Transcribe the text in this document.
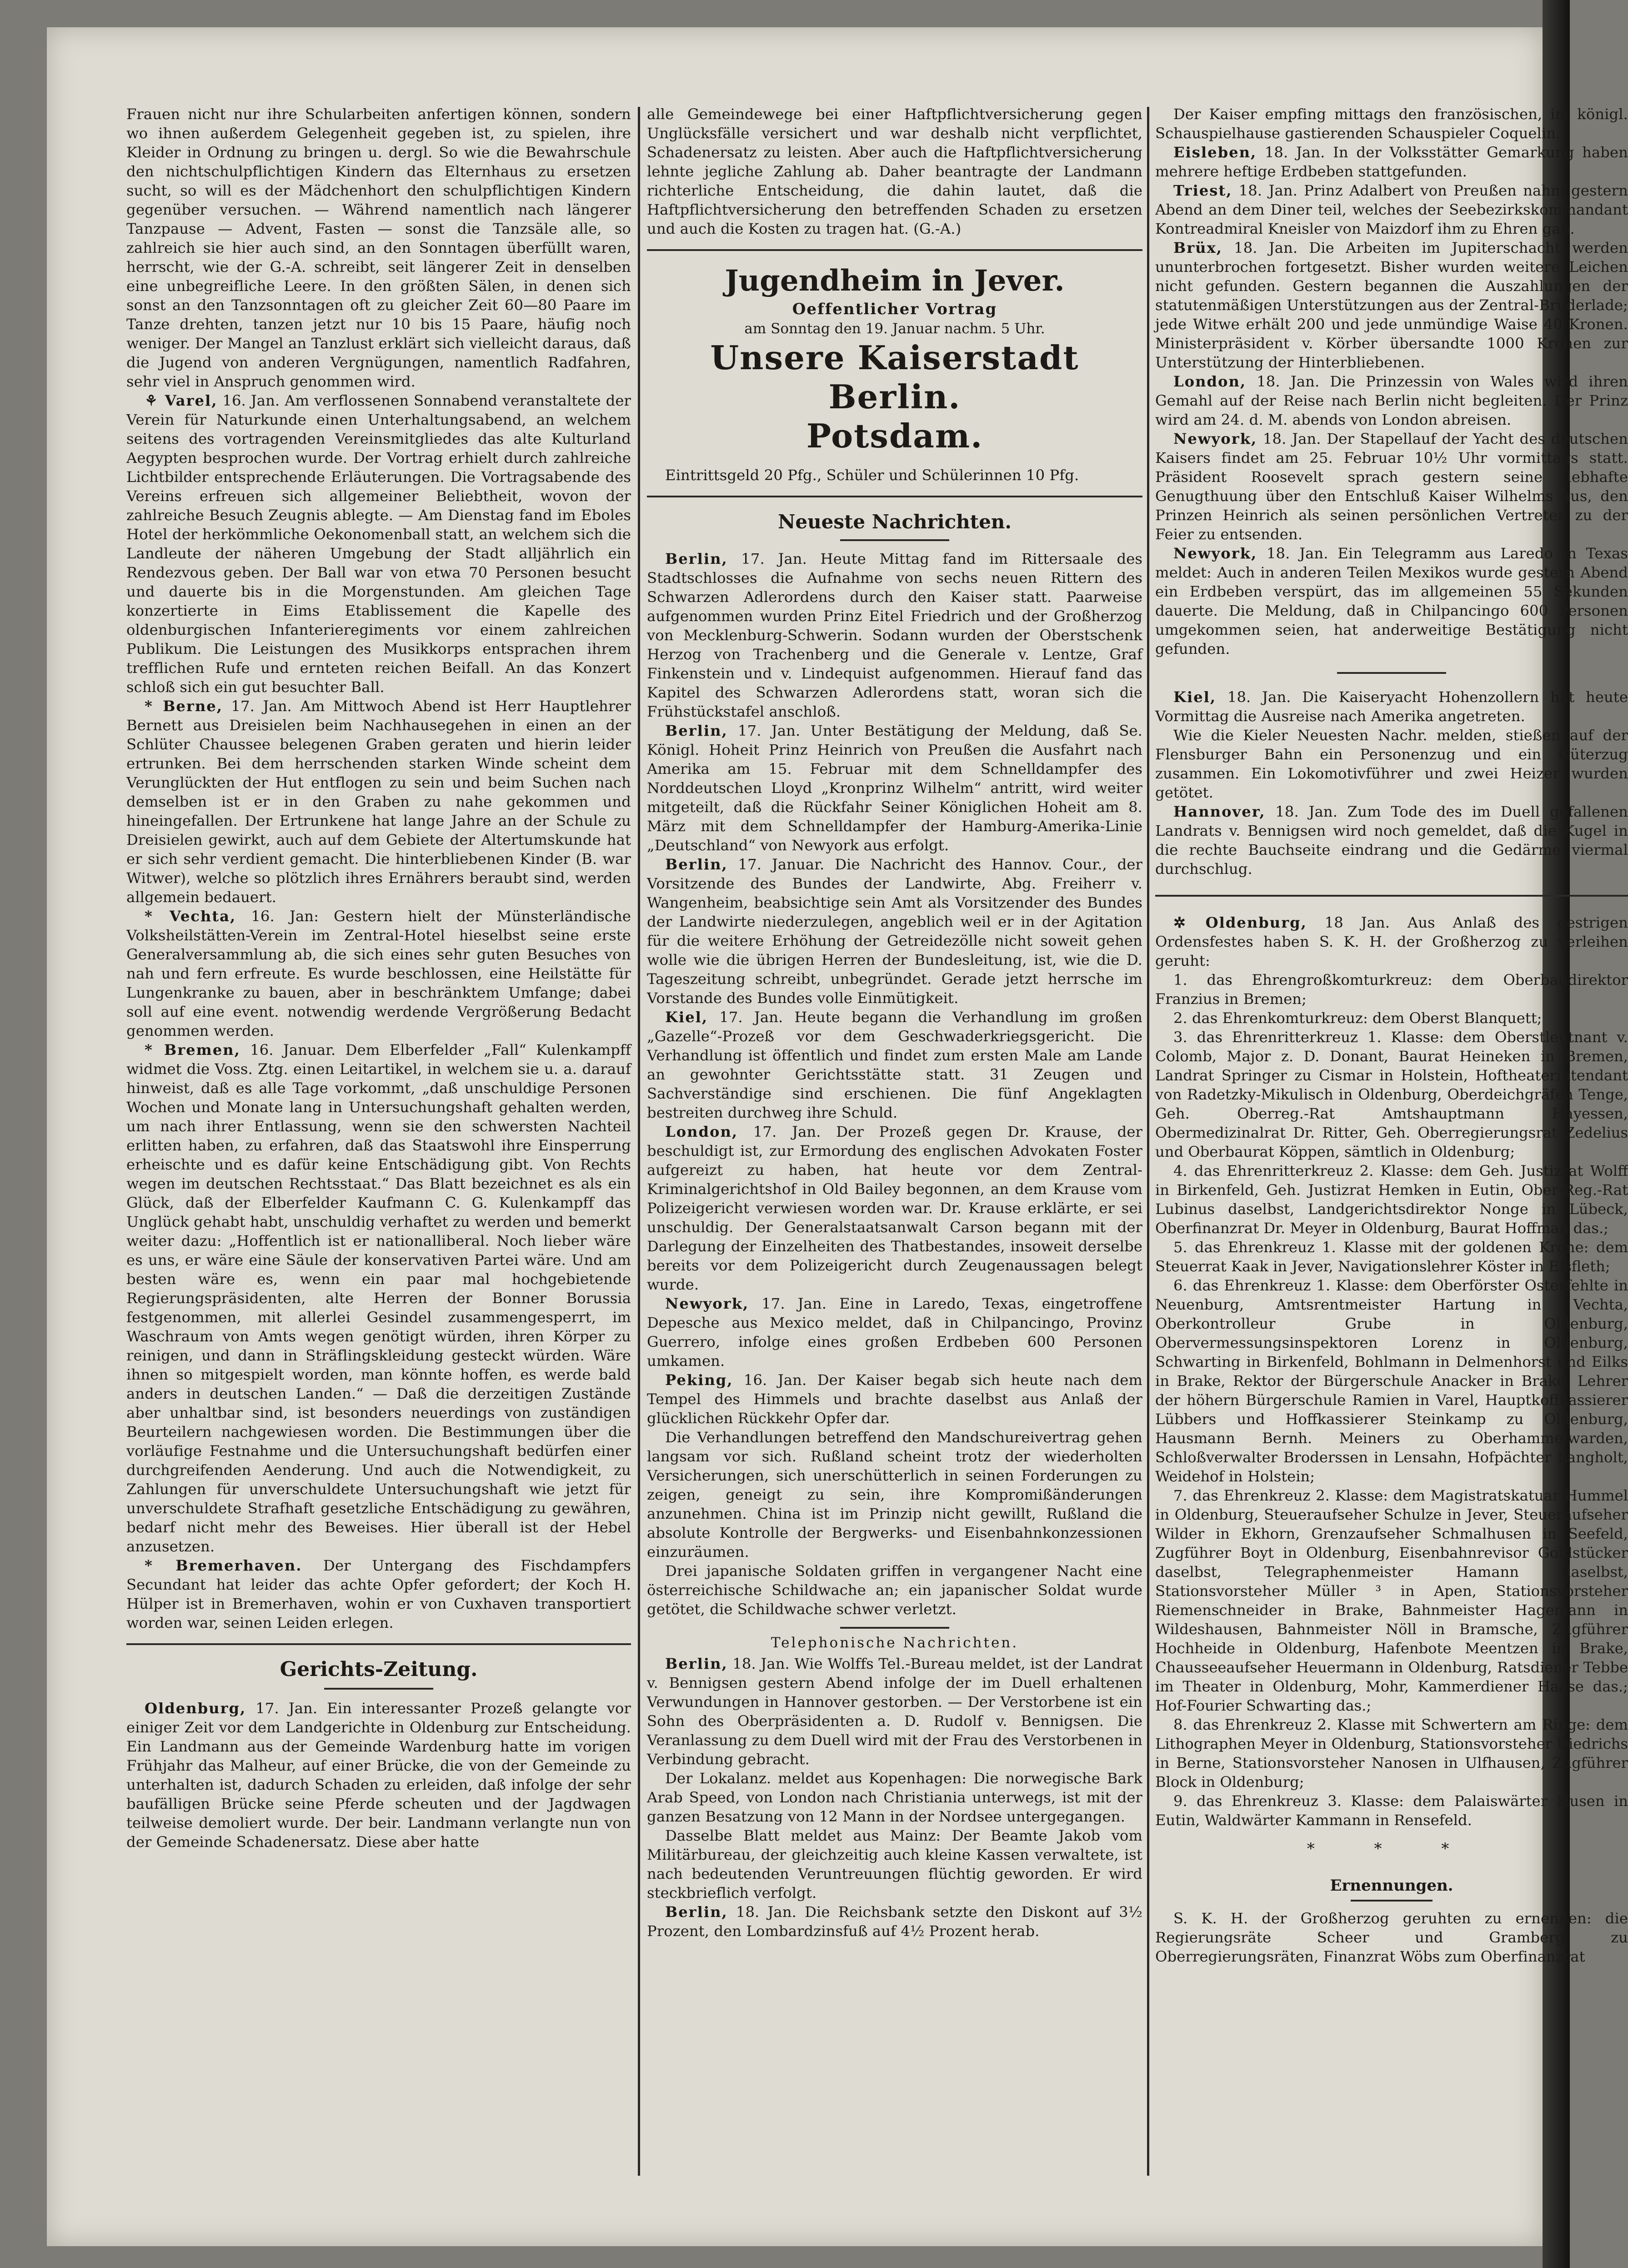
Frauen nicht nur ihre Schularbeiten anfertigen können, sondern wo ihnen außerdem Gelegenheit gegeben ist, zu spielen, ihre Kleider in Ordnung zu bringen u. dergl. So wie die Bewahrschule den nichtschulpflichtigen Kindern das Elternhaus zu ersetzen sucht, so will es der Mädchenhort den schulpflichtigen Kindern gegenüber versuchen. — Während namentlich nach längerer Tanzpause — Advent, Fasten — sonst die Tanzsäle alle, so zahlreich sie hier auch sind, an den Sonntagen überfüllt waren, herrscht, wie der G.-A. schreibt, seit längerer Zeit in denselben eine unbegreifliche Leere. In den größten Sälen, in denen sich sonst an den Tanzsonntagen oft zu gleicher Zeit 60—80 Paare im Tanze drehten, tanzen jetzt nur 10 bis 15 Paare, häufig noch weniger. Der Mangel an Tanzlust erklärt sich vielleicht daraus, daß die Jugend von anderen Vergnügungen, namentlich Radfahren, sehr viel in Anspruch genommen wird.

⚘ Varel, 16. Jan. Am verflossenen Sonnabend veranstaltete der Verein für Naturkunde einen Unterhaltungsabend, an welchem seitens des vortragenden Vereinsmitgliedes das alte Kulturland Aegypten besprochen wurde. Der Vortrag erhielt durch zahlreiche Lichtbilder entsprechende Erläuterungen. Die Vortragsabende des Vereins erfreuen sich allgemeiner Beliebtheit, wovon der zahlreiche Besuch Zeugnis ablegte. — Am Dienstag fand im Eboles Hotel der herkömmliche Oekonomenball statt, an welchem sich die Landleute der näheren Umgebung der Stadt alljährlich ein Rendezvous geben. Der Ball war von etwa 70 Personen besucht und dauerte bis in die Morgenstunden. Am gleichen Tage konzertierte in Eims Etablissement die Kapelle des oldenburgischen Infanterieregiments vor einem zahlreichen Publikum. Die Leistungen des Musikkorps entsprachen ihrem trefflichen Rufe und ernteten reichen Beifall. An das Konzert schloß sich ein gut besuchter Ball.

* Berne, 17. Jan. Am Mittwoch Abend ist Herr Hauptlehrer Bernett aus Dreisielen beim Nachhausegehen in einen an der Schlüter Chaussee belegenen Graben geraten und hierin leider ertrunken. Bei dem herrschenden starken Winde scheint dem Verunglückten der Hut entflogen zu sein und beim Suchen nach demselben ist er in den Graben zu nahe gekommen und hineingefallen. Der Ertrunkene hat lange Jahre an der Schule zu Dreisielen gewirkt, auch auf dem Gebiete der Altertumskunde hat er sich sehr verdient gemacht. Die hinterbliebenen Kinder (B. war Witwer), welche so plötzlich ihres Ernährers beraubt sind, werden allgemein bedauert.

* Vechta, 16. Jan: Gestern hielt der Münsterländische Volksheilstätten-Verein im Zentral-Hotel hieselbst seine erste Generalversammlung ab, die sich eines sehr guten Besuches von nah und fern erfreute. Es wurde beschlossen, eine Heilstätte für Lungenkranke zu bauen, aber in beschränktem Umfange; dabei soll auf eine event. notwendig werdende Vergrößerung Bedacht genommen werden.

* Bremen, 16. Januar. Dem Elberfelder „Fall“ Kulenkampff widmet die Voss. Ztg. einen Leitartikel, in welchem sie u. a. darauf hinweist, daß es alle Tage vorkommt, „daß unschuldige Personen Wochen und Monate lang in Untersuchungshaft gehalten werden, um nach ihrer Entlassung, wenn sie den schwersten Nachteil erlitten haben, zu erfahren, daß das Staatswohl ihre Einsperrung erheischte und es dafür keine Entschädigung gibt. Von Rechts wegen im deutschen Rechtsstaat.“ Das Blatt bezeichnet es als ein Glück, daß der Elberfelder Kaufmann C. G. Kulenkampff das Unglück gehabt habt, unschuldig verhaftet zu werden und bemerkt weiter dazu: „Hoffentlich ist er nationalliberal. Noch lieber wäre es uns, er wäre eine Säule der konservativen Partei wäre. Und am besten wäre es, wenn ein paar mal hochgebietende Regierungspräsidenten, alte Herren der Bonner Borussia festgenommen, mit allerlei Gesindel zusammengesperrt, im Waschraum von Amts wegen genötigt würden, ihren Körper zu reinigen, und dann in Sträflingskleidung gesteckt würden. Wäre ihnen so mitgespielt worden, man könnte hoffen, es werde bald anders in deutschen Landen.“ — Daß die derzeitigen Zustände aber unhaltbar sind, ist besonders neuerdings von zuständigen Beurteilern nachgewiesen worden. Die Bestimmungen über die vorläufige Festnahme und die Untersuchungshaft bedürfen einer durchgreifenden Aenderung. Und auch die Notwendigkeit, zu Zahlungen für unverschuldete Untersuchungshaft wie jetzt für unverschuldete Strafhaft gesetzliche Entschädigung zu gewähren, bedarf nicht mehr des Beweises. Hier überall ist der Hebel anzusetzen.

* Bremerhaven. Der Untergang des Fischdampfers Secundant hat leider das achte Opfer gefordert; der Koch H. Hülper ist in Bremerhaven, wohin er von Cuxhaven transportiert worden war, seinen Leiden erlegen.

Gerichts-Zeitung.

Oldenburg, 17. Jan. Ein interessanter Prozeß gelangte vor einiger Zeit vor dem Landgerichte in Oldenburg zur Entscheidung. Ein Landmann aus der Gemeinde Wardenburg hatte im vorigen Frühjahr das Malheur, auf einer Brücke, die von der Gemeinde zu unterhalten ist, dadurch Schaden zu erleiden, daß infolge der sehr baufälligen Brücke seine Pferde scheuten und der Jagdwagen teilweise demoliert wurde. Der beir. Landmann verlangte nun von der Gemeinde Schadenersatz. Diese aber hatte

alle Gemeindewege bei einer Haftpflichtversicherung gegen Unglücksfälle versichert und war deshalb nicht verpflichtet, Schadenersatz zu leisten. Aber auch die Haftpflichtversicherung lehnte jegliche Zahlung ab. Daher beantragte der Landmann richterliche Entscheidung, die dahin lautet, daß die Haftpflichtversicherung den betreffenden Schaden zu ersetzen und auch die Kosten zu tragen hat. (G.-A.)

Jugendheim in Jever.

Oeffentlicher Vortrag

am Sonntag den 19. Januar nachm. 5 Uhr.

Unsere Kaiserstadt Berlin.

Potsdam.

Eintrittsgeld 20 Pfg., Schüler und Schülerinnen 10 Pfg.

Neueste Nachrichten.

Berlin, 17. Jan. Heute Mittag fand im Rittersaale des Stadtschlosses die Aufnahme von sechs neuen Rittern des Schwarzen Adlerordens durch den Kaiser statt. Paarweise aufgenommen wurden Prinz Eitel Friedrich und der Großherzog von Mecklenburg-Schwerin. Sodann wurden der Oberstschenk Herzog von Trachenberg und die Generale v. Lentze, Graf Finkenstein und v. Lindequist aufgenommen. Hierauf fand das Kapitel des Schwarzen Adlerordens statt, woran sich die Frühstückstafel anschloß.

Berlin, 17. Jan. Unter Bestätigung der Meldung, daß Se. Königl. Hoheit Prinz Heinrich von Preußen die Ausfahrt nach Amerika am 15. Februar mit dem Schnelldampfer des Norddeutschen Lloyd „Kronprinz Wilhelm“ antritt, wird weiter mitgeteilt, daß die Rückfahr Seiner Königlichen Hoheit am 8. März mit dem Schnelldampfer der Hamburg-Amerika-Linie „Deutschland“ von Newyork aus erfolgt.

Berlin, 17. Januar. Die Nachricht des Hannov. Cour., der Vorsitzende des Bundes der Landwirte, Abg. Freiherr v. Wangenheim, beabsichtige sein Amt als Vorsitzender des Bundes der Landwirte niederzulegen, angeblich weil er in der Agitation für die weitere Erhöhung der Getreidezölle nicht soweit gehen wolle wie die übrigen Herren der Bundesleitung, ist, wie die D. Tageszeitung schreibt, unbegründet. Gerade jetzt herrsche im Vorstande des Bundes volle Einmütigkeit.

Kiel, 17. Jan. Heute begann die Verhandlung im großen „Gazelle“-Prozeß vor dem Geschwaderkriegsgericht. Die Verhandlung ist öffentlich und findet zum ersten Male am Lande an gewohnter Gerichtsstätte statt. 31 Zeugen und Sachverständige sind erschienen. Die fünf Angeklagten bestreiten durchweg ihre Schuld.

London, 17. Jan. Der Prozeß gegen Dr. Krause, der beschuldigt ist, zur Ermordung des englischen Advokaten Foster aufgereizt zu haben, hat heute vor dem Zentral-Kriminalgerichtshof in Old Bailey begonnen, an dem Krause vom Polizeigericht verwiesen worden war. Dr. Krause erklärte, er sei unschuldig. Der Generalstaatsanwalt Carson begann mit der Darlegung der Einzelheiten des Thatbestandes, insoweit derselbe bereits vor dem Polizeigericht durch Zeugenaussagen belegt wurde.

Newyork, 17. Jan. Eine in Laredo, Texas, eingetroffene Depesche aus Mexico meldet, daß in Chilpancingo, Provinz Guerrero, infolge eines großen Erdbeben 600 Personen umkamen.

Peking, 16. Jan. Der Kaiser begab sich heute nach dem Tempel des Himmels und brachte daselbst aus Anlaß der glücklichen Rückkehr Opfer dar.

Die Verhandlungen betreffend den Mandschureivertrag gehen langsam vor sich. Rußland scheint trotz der wiederholten Versicherungen, sich unerschütterlich in seinen Forderungen zu zeigen, geneigt zu sein, ihre Kompromißänderungen anzunehmen. China ist im Prinzip nicht gewillt, Rußland die absolute Kontrolle der Bergwerks- und Eisenbahnkonzessionen einzuräumen.

Drei japanische Soldaten griffen in vergangener Nacht eine österreichische Schildwache an; ein japanischer Soldat wurde getötet, die Schildwache schwer verletzt.

Telephonische Nachrichten.

Berlin, 18. Jan. Wie Wolffs Tel.-Bureau meldet, ist der Landrat v. Bennigsen gestern Abend infolge der im Duell erhaltenen Verwundungen in Hannover gestorben. — Der Verstorbene ist ein Sohn des Oberpräsidenten a. D. Rudolf v. Bennigsen. Die Veranlassung zu dem Duell wird mit der Frau des Verstorbenen in Verbindung gebracht.

Der Lokalanz. meldet aus Kopenhagen: Die norwegische Bark Arab Speed, von London nach Christiania unterwegs, ist mit der ganzen Besatzung von 12 Mann in der Nordsee untergegangen.

Dasselbe Blatt meldet aus Mainz: Der Beamte Jakob vom Militärbureau, der gleichzeitig auch kleine Kassen verwaltete, ist nach bedeutenden Veruntreuungen flüchtig geworden. Er wird steckbrieflich verfolgt.

Berlin, 18. Jan. Die Reichsbank setzte den Diskont auf 3½ Prozent, den Lombardzinsfuß auf 4½ Prozent herab.

Der Kaiser empfing mittags den französischen, im königl. Schauspielhause gastierenden Schauspieler Coquelin.

Eisleben, 18. Jan. In der Volksstätter Gemarkung haben mehrere heftige Erdbeben stattgefunden.

Triest, 18. Jan. Prinz Adalbert von Preußen nahm gestern Abend an dem Diner teil, welches der Seebezirkskommandant Kontreadmiral Kneisler von Maizdorf ihm zu Ehren gab.

Brüx, 18. Jan. Die Arbeiten im Jupiterschacht werden ununterbrochen fortgesetzt. Bisher wurden weitere Leichen nicht gefunden. Gestern begannen die Auszahlungen der statutenmäßigen Unterstützungen aus der Zentral-Bruderlade; jede Witwe erhält 200 und jede unmündige Waise 40 Kronen. Ministerpräsident v. Körber übersandte 1000 Kronen zur Unterstützung der Hinterbliebenen.

London, 18. Jan. Die Prinzessin von Wales wird ihren Gemahl auf der Reise nach Berlin nicht begleiten. Der Prinz wird am 24. d. M. abends von London abreisen.

Newyork, 18. Jan. Der Stapellauf der Yacht des deutschen Kaisers findet am 25. Februar 10½ Uhr vormittags statt. Präsident Roosevelt sprach gestern seine lebhafte Genugthuung über den Entschluß Kaiser Wilhelms aus, den Prinzen Heinrich als seinen persönlichen Vertreter zu der Feier zu entsenden.

Newyork, 18. Jan. Ein Telegramm aus Laredo in Texas meldet: Auch in anderen Teilen Mexikos wurde gestern Abend ein Erdbeben verspürt, das im allgemeinen 55 Sekunden dauerte. Die Meldung, daß in Chilpancingo 600 Personen umgekommen seien, hat anderweitige Bestätigung nicht gefunden.

Kiel, 18. Jan. Die Kaiseryacht Hohenzollern hat heute Vormittag die Ausreise nach Amerika angetreten.

Wie die Kieler Neuesten Nachr. melden, stießen auf der Flensburger Bahn ein Personenzug und ein Güterzug zusammen. Ein Lokomotivführer und zwei Heizer wurden getötet.

Hannover, 18. Jan. Zum Tode des im Duell gefallenen Landrats v. Bennigsen wird noch gemeldet, daß die Kugel in die rechte Bauchseite eindrang und die Gedärme viermal durchschlug.

✲ Oldenburg, 18 Jan. Aus Anlaß des gestrigen Ordensfestes haben S. K. H. der Großherzog zu verleihen geruht:

1. das Ehrengroßkomturkreuz: dem Oberbaudirektor Franzius in Bremen;

2. das Ehrenkomturkreuz: dem Oberst Blanquett;

3. das Ehrenritterkreuz 1. Klasse: dem Oberstleutnant v. Colomb, Major z. D. Donant, Baurat Heineken in Bremen, Landrat Springer zu Cismar in Holstein, Hoftheaterintendant von Radetzky-Mikulisch in Oldenburg, Oberdeichgräfen Tenge, Geh. Oberreg.-Rat Amtshauptmann Hayessen, Obermedizinalrat Dr. Ritter, Geh. Oberregierungsrat Zedelius und Oberbaurat Köppen, sämtlich in Oldenburg;

4. das Ehrenritterkreuz 2. Klasse: dem Geh. Justizrat Wolff in Birkenfeld, Geh. Justizrat Hemken in Eutin, Ober-Reg.-Rat Lubinus daselbst, Landgerichtsdirektor Nonge in Lübeck, Oberfinanzrat Dr. Meyer in Oldenburg, Baurat Hoffman das.;

5. das Ehrenkreuz 1. Klasse mit der goldenen Krone: dem Steuerrat Kaak in Jever, Navigationslehrer Köster in Elsfleth;

6. das Ehrenkreuz 1. Klasse: dem Oberförster Osterfehlte in Neuenburg, Amtsrentmeister Hartung in Vechta, Oberkontrolleur Grube in Oldenburg, Obervermessungsinspektoren Lorenz in Oldenburg, Schwarting in Birkenfeld, Bohlmann in Delmenhorst und Eilks in Brake, Rektor der Bürgerschule Anacker in Brake, Lehrer der höhern Bürgerschule Ramien in Varel, Hauptkoffkassierer Lübbers und Hoffkassierer Steinkamp zu Oldenburg, Hausmann Bernh. Meiners zu Oberhammelwarden, Schloßverwalter Broderssen in Lensahn, Hofpächter Langholt, Weidehof in Holstein;

7. das Ehrenkreuz 2. Klasse: dem Magistratskatuar Hummel in Oldenburg, Steueraufseher Schulze in Jever, Steueraufseher Wilder in Ekhorn, Grenzaufseher Schmalhusen in Seefeld, Zugführer Boyt in Oldenburg, Eisenbahnrevisor Goldstücker daselbst, Telegraphenmeister Hamann daselbst, Stationsvorsteher Müller ³ in Apen, Stationsvorsteher Riemenschneider in Brake, Bahnmeister Hagemann in Wildeshausen, Bahnmeister Nöll in Bramsche, Zugführer Hochheide in Oldenburg, Hafenbote Meentzen in Brake, Chausseeaufseher Heuermann in Oldenburg, Ratsdiener Tebbe im Theater in Oldenburg, Mohr, Kammerdiener Haase das.; Hof-Fourier Schwarting das.;

8. das Ehrenkreuz 2. Klasse mit Schwertern am Ringe: dem Lithographen Meyer in Oldenburg, Stationsvorsteher Diedrichs in Berne, Stationsvorsteher Nanosen in Ulfhausen, Zugführer Block in Oldenburg;

9. das Ehrenkreuz 3. Klasse: dem Palaiswärter Husen in Eutin, Waldwärter Kammann in Rensefeld.

* * *

Ernennungen.

S. K. H. der Großherzog geruhten zu ernennen: die Regierungsräte Scheer und Gramberg zu Oberregierungsräten, Finanzrat Wöbs zum Oberfinanzrat
